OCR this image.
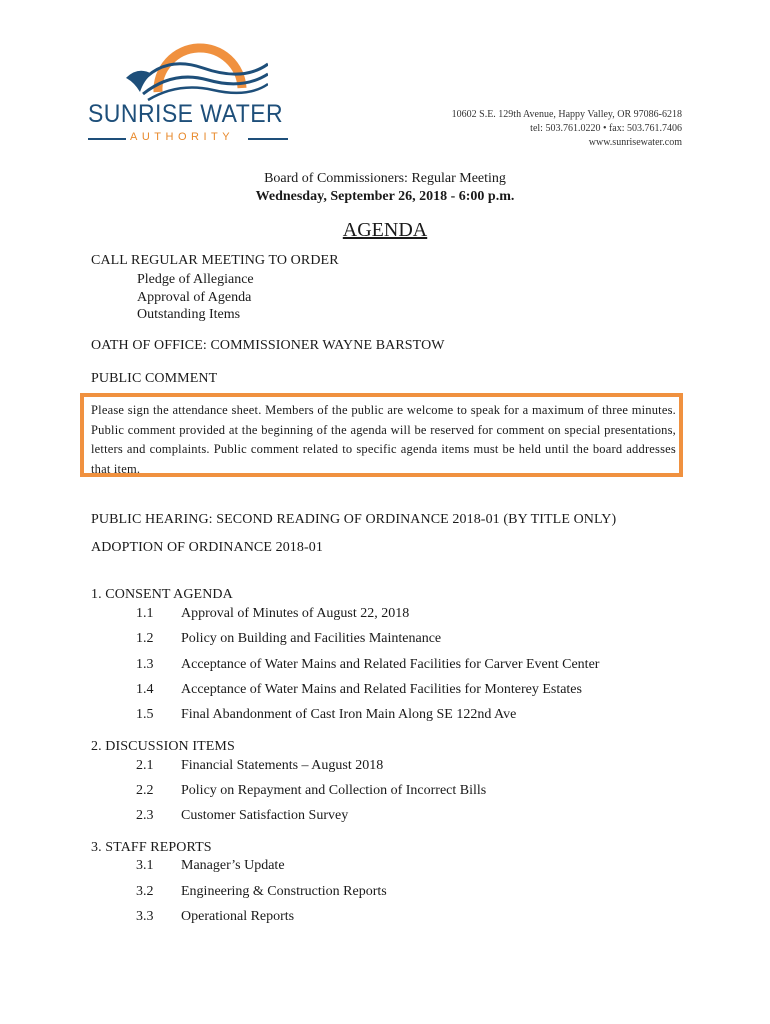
SUNRISE WATER
AUTHORITY
10602 S.E. 129th Avenue, Happy Valley, OR 97086-6218
tel: 503.761.0220 • fax: 503.761.7406
www.sunrisewater.com
Board of Commissioners: Regular Meeting
Wednesday, September 26, 2018 - 6:00 p.m.
AGENDA
CALL REGULAR MEETING TO ORDER
Pledge of Allegiance
Approval of Agenda
Outstanding Items
OATH OF OFFICE: COMMISSIONER WAYNE BARSTOW
PUBLIC COMMENT

Please sign the attendance sheet. Members of the public are welcome to speak for a maximum of three minutes. Public comment provided at the beginning of the agenda will be reserved for comment on special presentations, letters and complaints. Public comment related to specific agenda items must be held until the board addresses that item.

PUBLIC HEARING: SECOND READING OF ORDINANCE 2018-01 (BY TITLE ONLY)
ADOPTION OF ORDINANCE 2018-01
1. CONSENT AGENDA
1.1 Approval of Minutes of August 22, 2018
1.2 Policy on Building and Facilities Maintenance
1.3 Acceptance of Water Mains and Related Facilities for Carver Event Center
1.4 Acceptance of Water Mains and Related Facilities for Monterey Estates
1.5 Final Abandonment of Cast Iron Main Along SE 122nd Ave
2. DISCUSSION ITEMS
2.1 Financial Statements – August 2018
2.2 Policy on Repayment and Collection of Incorrect Bills
2.3 Customer Satisfaction Survey
3. STAFF REPORTS
3.1 Manager’s Update
3.2 Engineering & Construction Reports
3.3 Operational Reports
